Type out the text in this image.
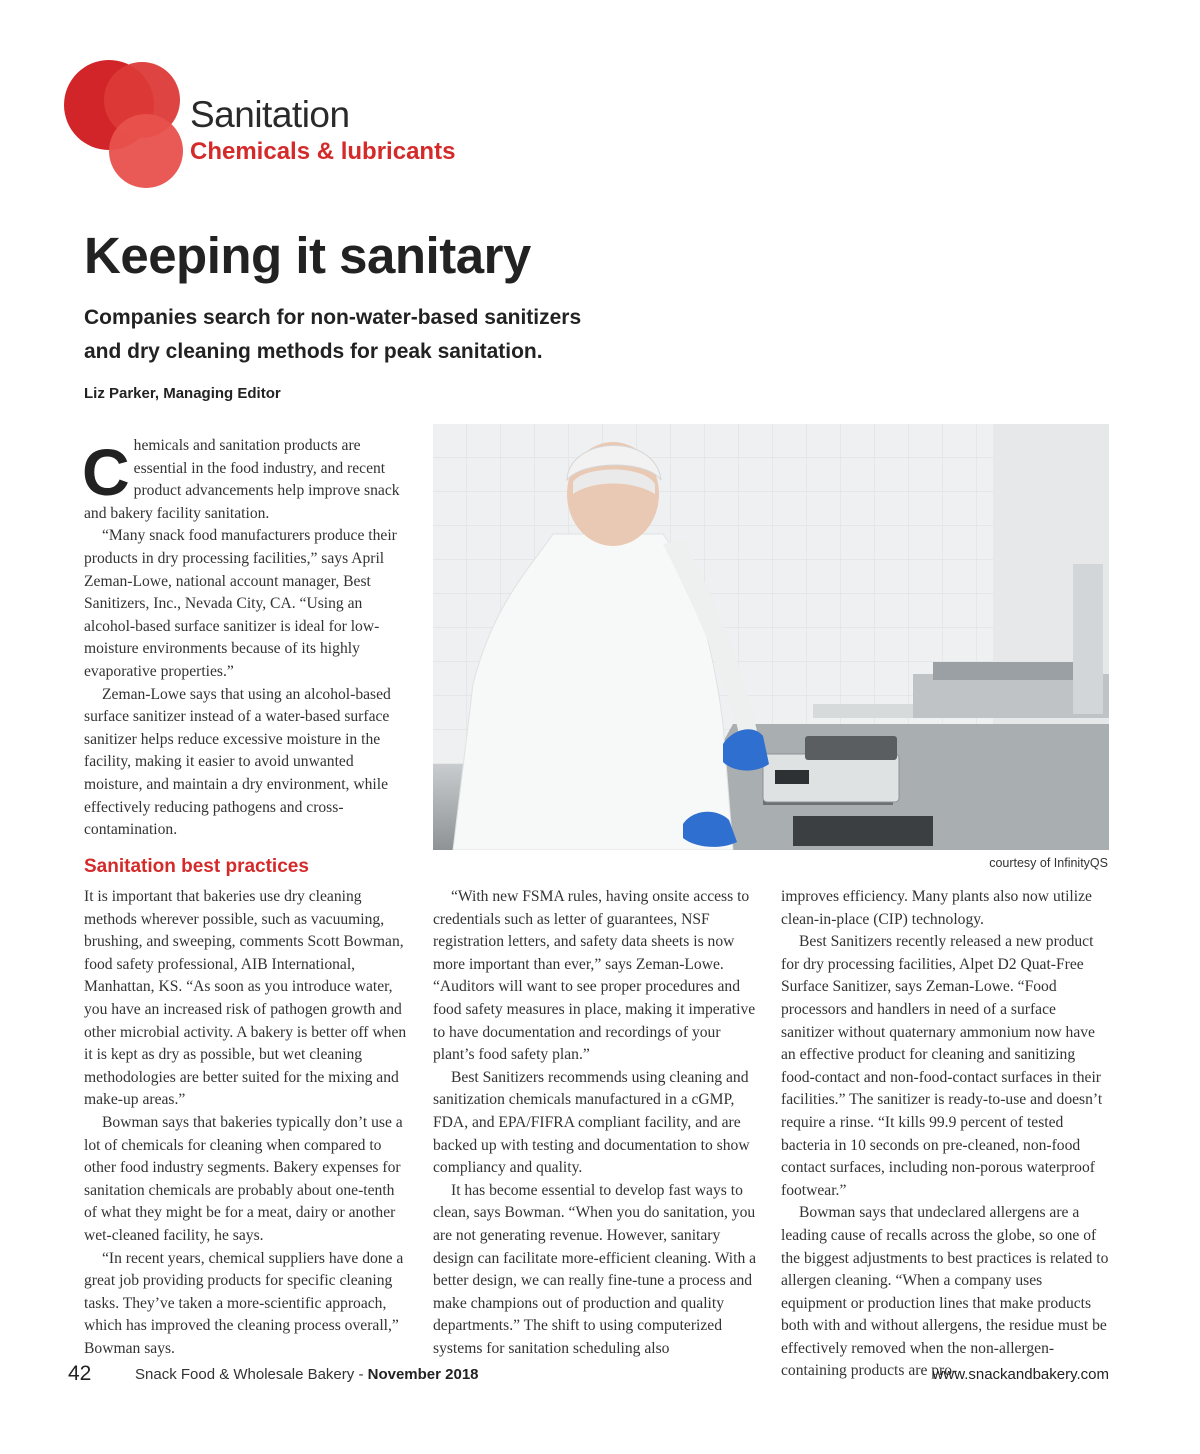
Sanitation
Chemicals & lubricants
Keeping it sanitary
Companies search for non-water-based sanitizers
and dry cleaning methods for peak sanitation.

Liz Parker, Managing Editor

Chemicals and sanitation products are essential in the food industry, and recent product advancements help improve snack and bakery facility sanitation.

“Many snack food manufacturers produce their products in dry processing facilities,” says April Zeman-Lowe, national account manager, Best Sanitizers, Inc., Nevada City, CA. “Using an alcohol-based surface sanitizer is ideal for low-moisture environments because of its highly evaporative properties.”

Zeman-Lowe says that using an alcohol-based surface sanitizer instead of a water-based surface sanitizer helps reduce excessive moisture in the facility, making it easier to avoid unwanted moisture, and maintain a dry environment, while effectively reducing pathogens and cross-contamination.

courtesy of InfinityQS

Sanitation best practices

It is important that bakeries use dry cleaning methods wherever possible, such as vacuuming, brushing, and sweeping, comments Scott Bowman, food safety professional, AIB International, Manhattan, KS. “As soon as you introduce water, you have an increased risk of pathogen growth and other microbial activity. A bakery is better off when it is kept as dry as possible, but wet cleaning methodologies are better suited for the mixing and make-up areas.”

Bowman says that bakeries typically don’t use a lot of chemicals for cleaning when compared to other food industry segments. Bakery expenses for sanitation chemicals are probably about one-tenth of what they might be for a meat, dairy or another wet-cleaned facility, he says.

“In recent years, chemical suppliers have done a great job providing products for specific cleaning tasks. They’ve taken a more-scientific approach, which has improved the cleaning process overall,” Bowman says.

“With new FSMA rules, having onsite access to credentials such as letter of guarantees, NSF registration letters, and safety data sheets is now more important than ever,” says Zeman-Lowe. “Auditors will want to see proper procedures and food safety measures in place, making it imperative to have documentation and recordings of your plant’s food safety plan.”

Best Sanitizers recommends using cleaning and sanitization chemicals manufactured in a cGMP, FDA, and EPA/FIFRA compliant facility, and are backed up with testing and documentation to show compliancy and quality.

It has become essential to develop fast ways to clean, says Bowman. “When you do sanitation, you are not generating revenue. However, sanitary design can facilitate more-efficient cleaning. With a better design, we can really fine-tune a process and make champions out of production and quality departments.” The shift to using computerized systems for sanitation scheduling also

improves efficiency. Many plants also now utilize clean-in-place (CIP) technology.

Best Sanitizers recently released a new product for dry processing facilities, Alpet D2 Quat-Free Surface Sanitizer, says Zeman-Lowe. “Food processors and handlers in need of a surface sanitizer without quaternary ammonium now have an effective product for cleaning and sanitizing food-contact and non-food-contact surfaces in their facilities.” The sanitizer is ready-to-use and doesn’t require a rinse. “It kills 99.9 percent of tested bacteria in 10 seconds on pre-cleaned, non-food contact surfaces, including non-porous waterproof footwear.”

Bowman says that undeclared allergens are a leading cause of recalls across the globe, so one of the biggest adjustments to best practices is related to allergen cleaning. “When a company uses equipment or production lines that make products both with and without allergens, the residue must be effectively removed when the non-allergen-containing products are pro-

42	Snack Food & Wholesale Bakery - November 2018	www.snackandbakery.com
